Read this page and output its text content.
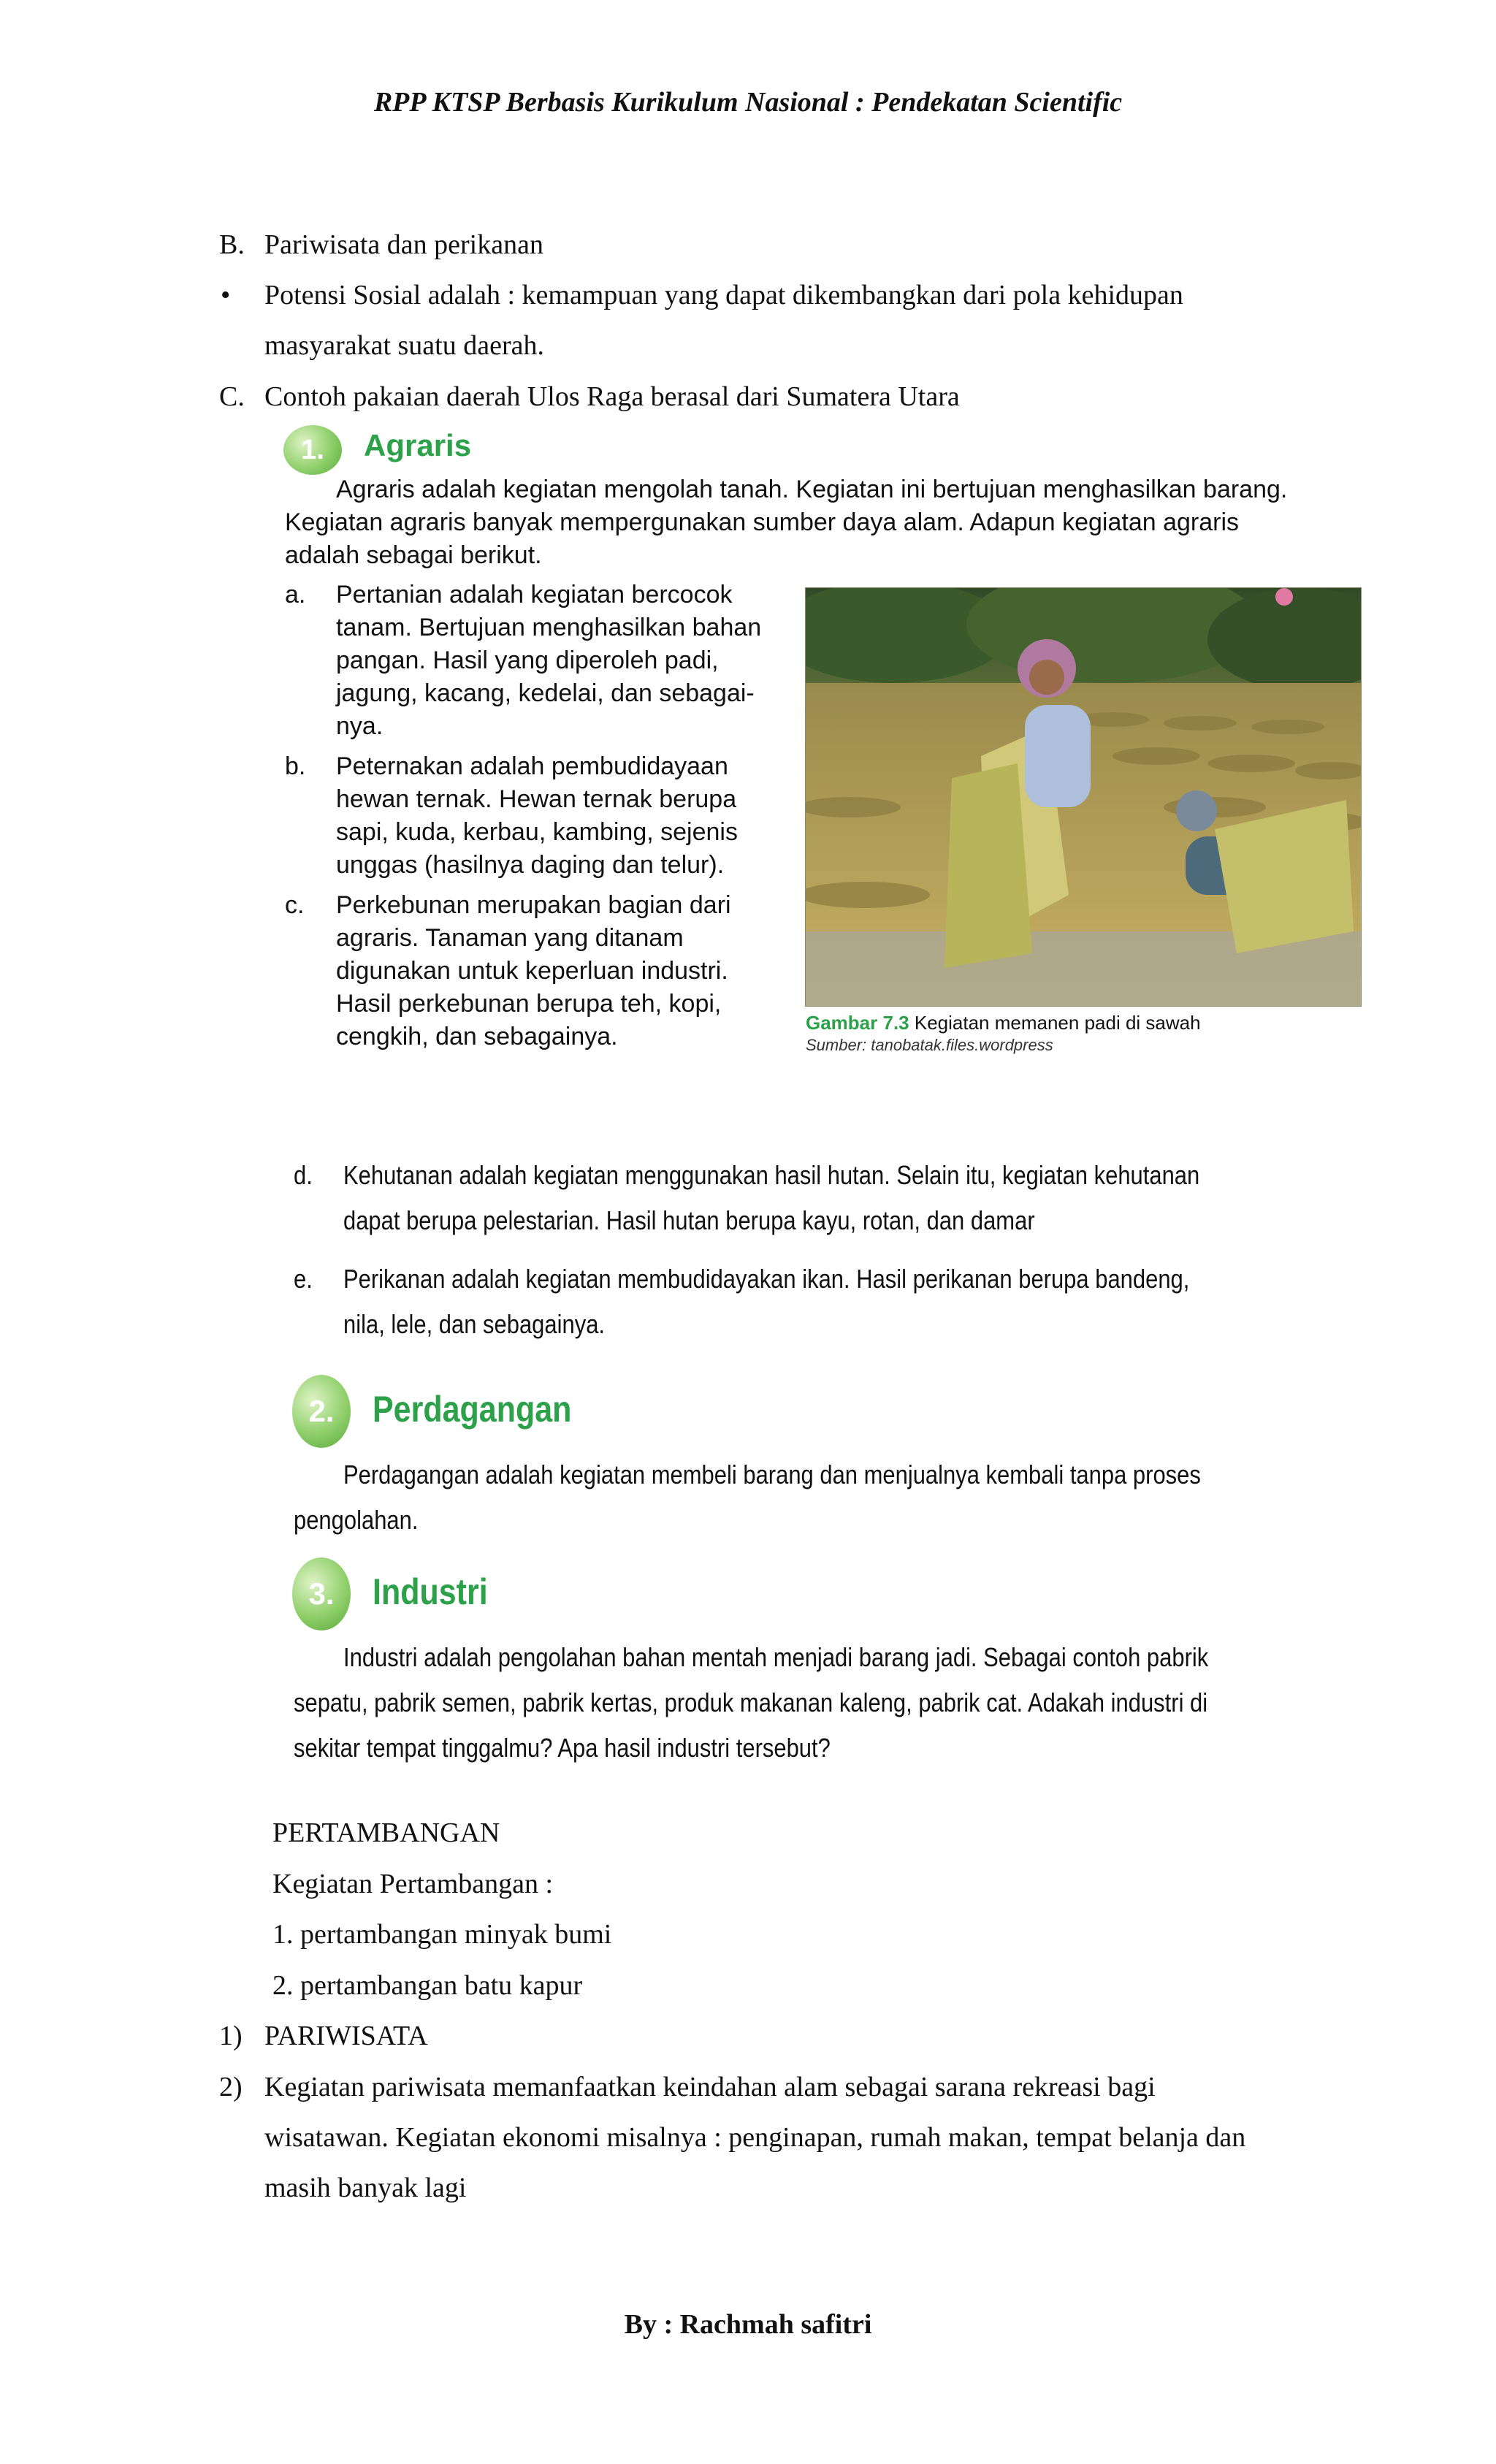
RPP KTSP Berbasis Kurikulum Nasional : Pendekatan Scientific
B. Pariwisata dan perikanan
• Potensi Sosial adalah : kemampuan yang dapat dikembangkan dari pola kehidupan
masyarakat suatu daerah.
C. Contoh pakaian daerah Ulos Raga berasal dari Sumatera Utara
1.	Agraris
Agraris adalah kegiatan mengolah tanah. Kegiatan ini bertujuan menghasilkan barang.
Kegiatan agraris banyak mempergunakan sumber daya alam. Adapun kegiatan agraris
adalah sebagai berikut.
a. Pertanian adalah kegiatan bercocok
tanam. Bertujuan menghasilkan bahan
pangan. Hasil yang diperoleh padi,
jagung, kacang, kedelai, dan sebagai-
nya.
b. Peternakan adalah pembudidayaan
hewan ternak. Hewan ternak berupa
sapi, kuda, kerbau, kambing, sejenis
unggas (hasilnya daging dan telur).
c. Perkebunan merupakan bagian dari
agraris. Tanaman yang ditanam
digunakan untuk keperluan industri.
Hasil perkebunan berupa teh, kopi,
cengkih, dan sebagainya.	Gambar 7.3 Kegiatan memanen padi di sawah
Sumber: tanobatak.files.wordpress
d. Kehutanan adalah kegiatan menggunakan hasil hutan. Selain itu, kegiatan kehutanan
dapat berupa pelestarian. Hasil hutan berupa kayu, rotan, dan damar
e. Perikanan adalah kegiatan membudidayakan ikan. Hasil perikanan berupa bandeng,
nila, lele, dan sebagainya.
2.	Perdagangan
Perdagangan adalah kegiatan membeli barang dan menjualnya kembali tanpa proses
pengolahan.
3.	Industri
Industri adalah pengolahan bahan mentah menjadi barang jadi. Sebagai contoh pabrik
sepatu, pabrik semen, pabrik kertas, produk makanan kaleng, pabrik cat. Adakah industri di
sekitar tempat tinggalmu? Apa hasil industri tersebut?
PERTAMBANGAN
Kegiatan Pertambangan :
1. pertambangan minyak bumi
2. pertambangan batu kapur
1) PARIWISATA
2) Kegiatan pariwisata memanfaatkan keindahan alam sebagai sarana rekreasi bagi
wisatawan. Kegiatan ekonomi misalnya : penginapan, rumah makan, tempat belanja dan
masih banyak lagi
By : Rachmah safitri
